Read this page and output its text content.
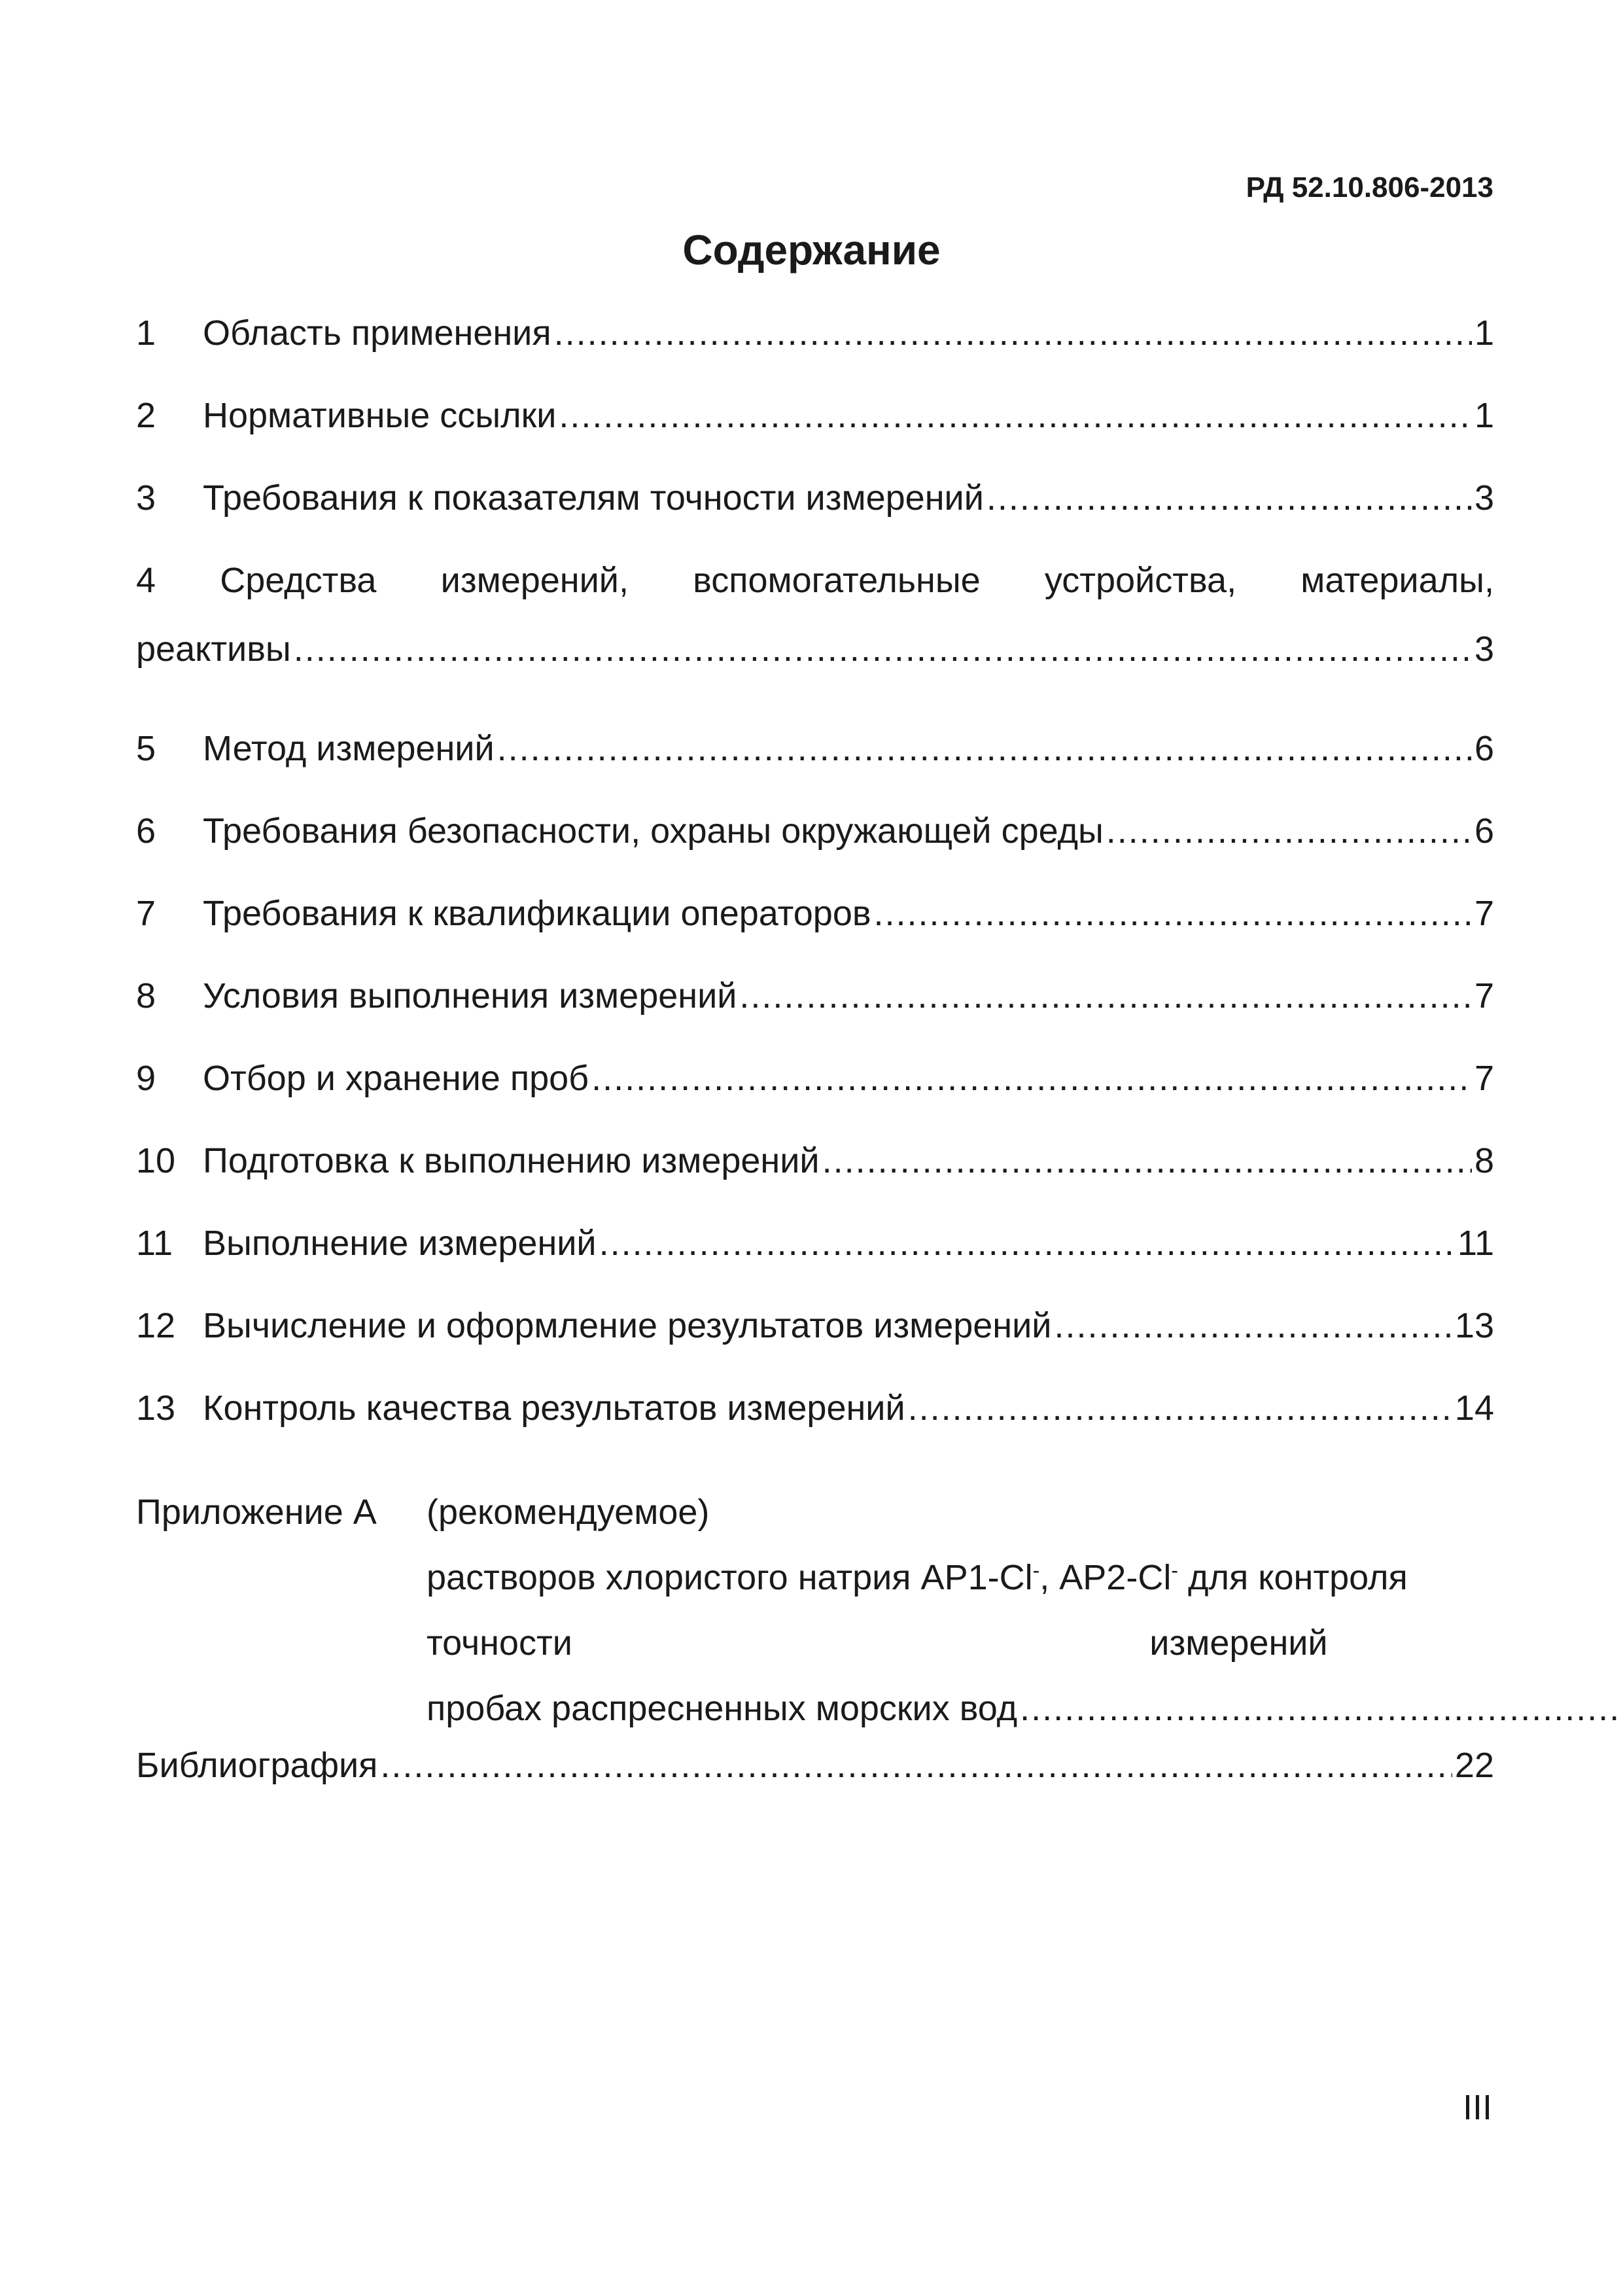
РД 52.10.806-2013
Содержание
1	Область применения .....	1
2	Нормативные ссылки .....	1
3	Требования к показателям точности измерений .....	3
4 Средства измерений, вспомогательные устройства, материалы,
реактивы .....	3
5	Метод измерений .....	6
6	Требования безопасности, охраны окружающей среды .....	6
7	Требования к квалификации операторов .....	7
8	Условия выполнения измерений .....	7
9	Отбор и хранение проб .....	7
10 Подготовка к выполнению измерений .....	8
11 Выполнение измерений .....	11
12 Вычисление и оформление результатов измерений .....	13
13 Контроль качества результатов измерений .....	14
Приложение А	(рекомендуемое)
растворов хлористого натрия АР1-Cl-, АР2-Cl- для контроля
точности	измерений
пробах распресненных морских вод
.....
Библиография .....	22
III
